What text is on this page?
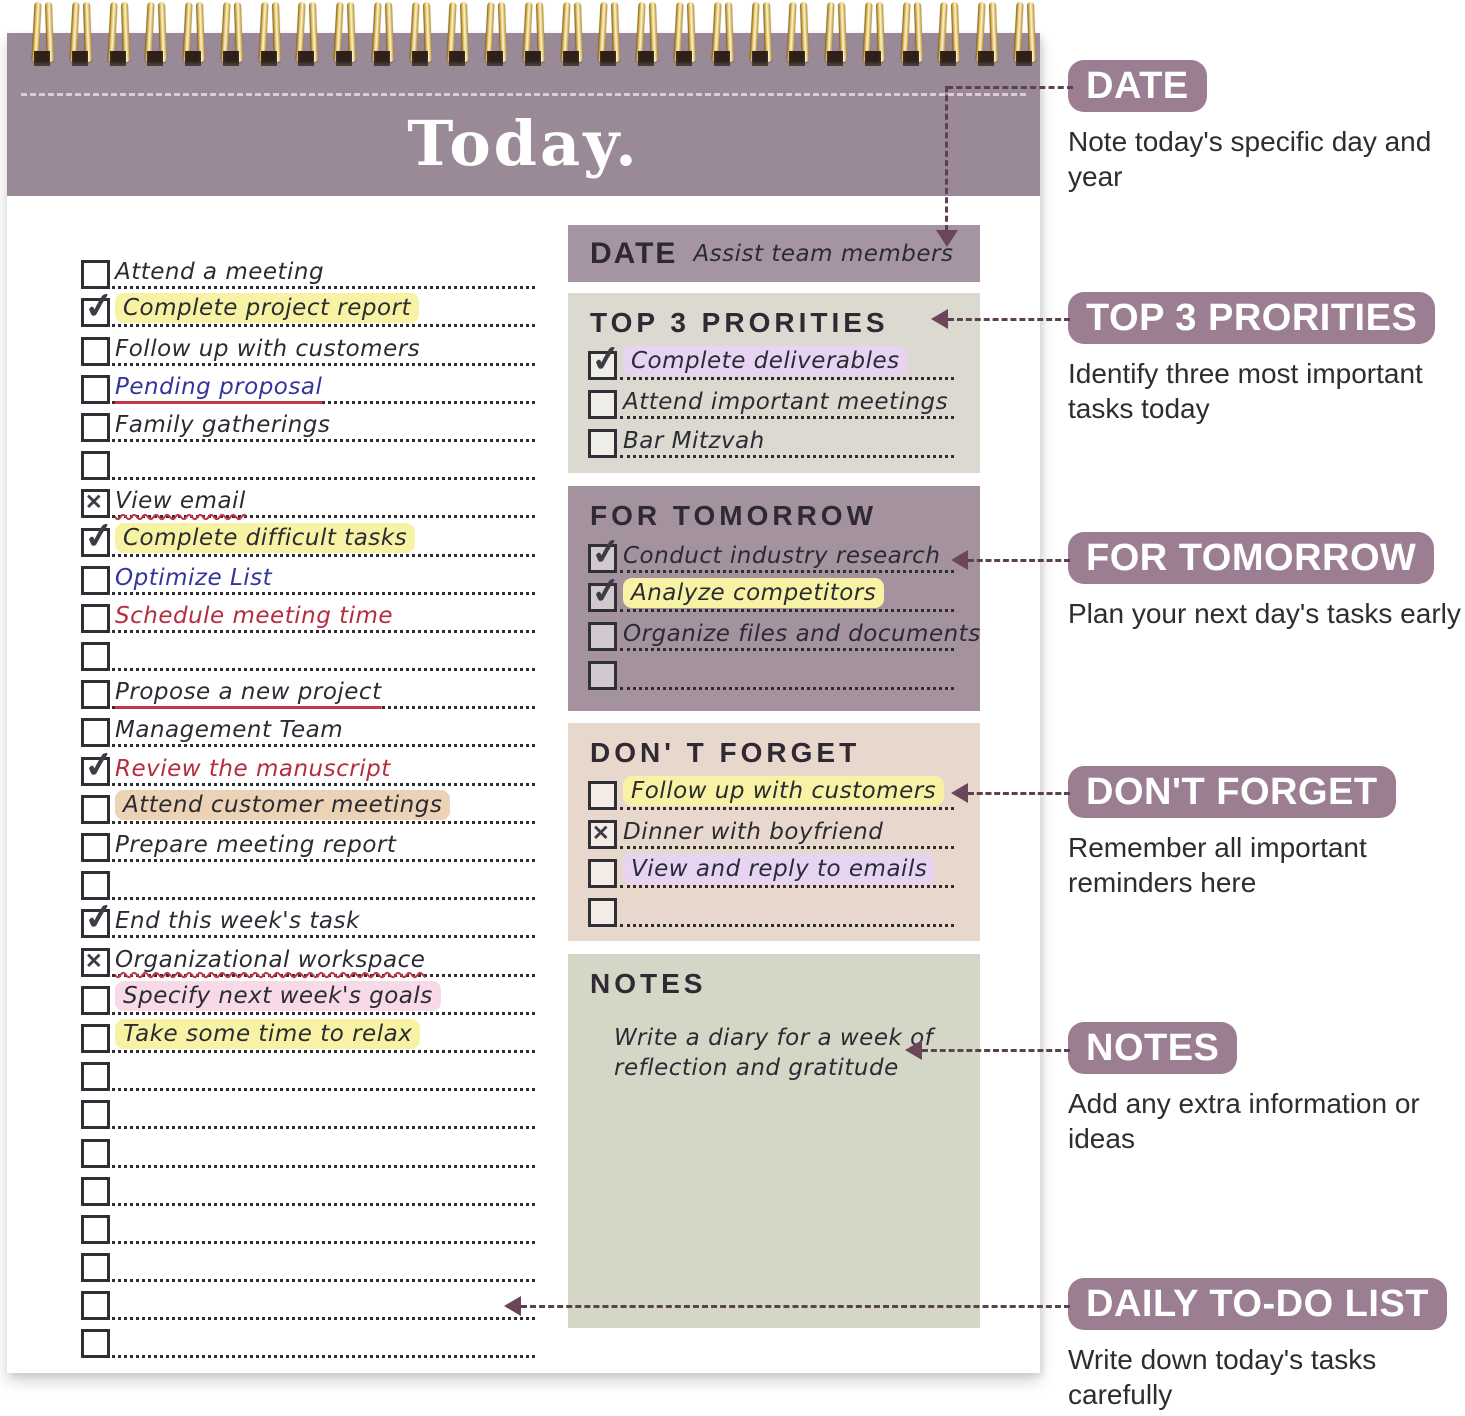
Today.
Attend a meeting
✓
Complete project report
Follow up with customers
Pending proposal
Family gatherings
✕
View email
✓
Complete difficult tasks
Optimize List
Schedule meeting time
Propose a new project
Management Team
✓
Review the manuscript
Attend customer meetings
Prepare meeting report
✓
End this week's task
✕
Organizational workspace
Specify next week's goals
Take some time to relax
DATE Assist team members
TOP 3 PRORITIES
✓
Complete deliverables
Attend important meetings
Bar Mitzvah
FOR TOMORROW
✓
Conduct industry research
✓
Analyze competitors
Organize files and documents
DON' T FORGET
Follow up with customers
✕
Dinner with boyfriend
View and reply to emails
NOTES
Write a diary for a week of reflection and gratitude
DATE
Note today's specific day and year
TOP 3 PRORITIES
Identify three most important tasks today
FOR TOMORROW
Plan your next day's tasks early
DON'T FORGET
Remember all important reminders here
NOTES
Add any extra information or ideas
DAILY TO-DO LIST
Write down today's tasks carefully
